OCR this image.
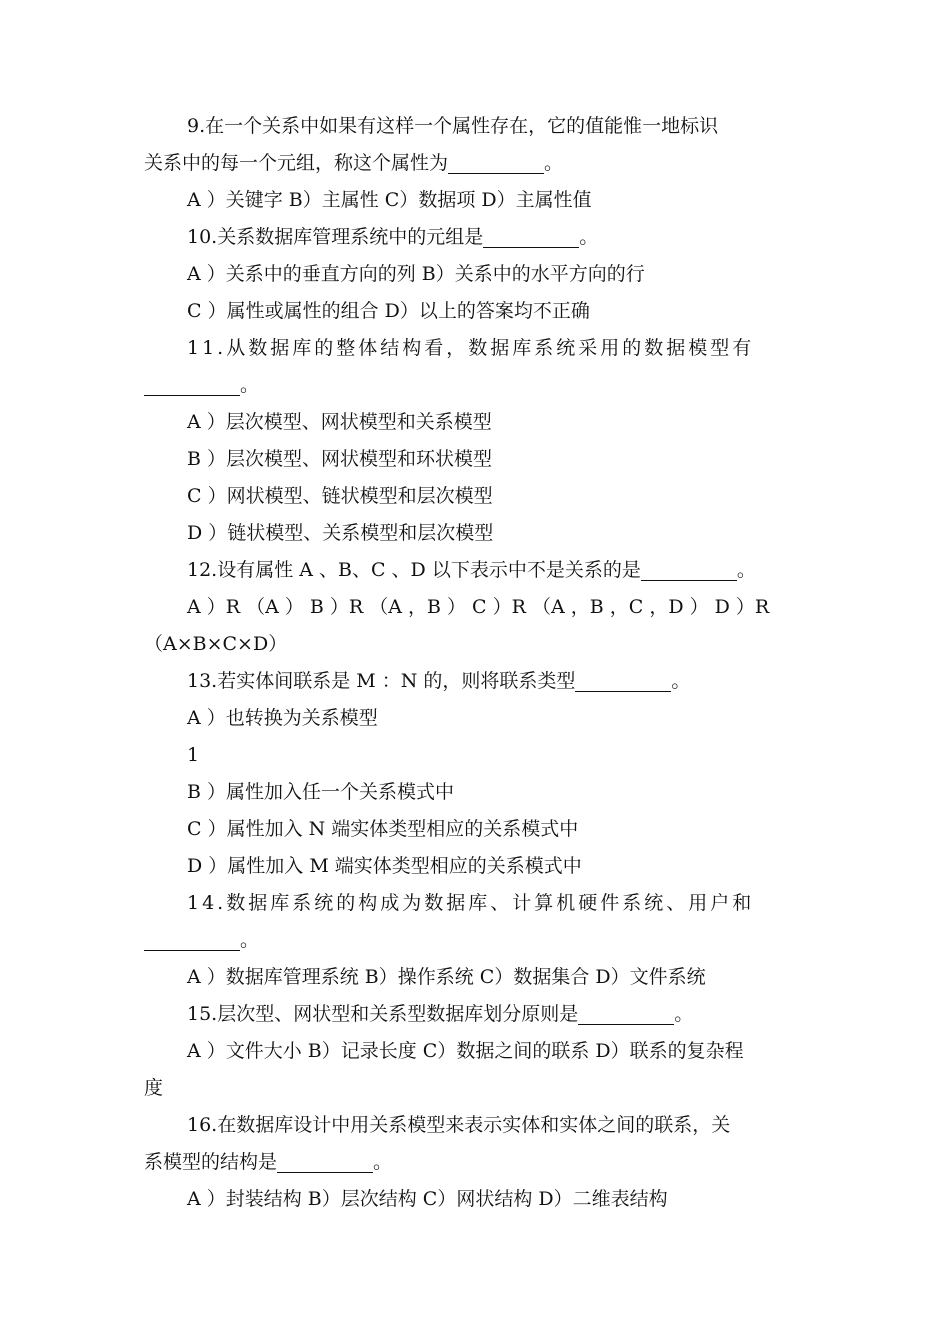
9.在一个关系中如果有这样一个属性存在，它的值能惟一地标识
关系中的每一个元组，称这个属性为	。
A ）关键字 B）主属性 C）数据项 D）主属性值
10.关系数据库管理系统中的元组是	。
A ）关系中的垂直方向的列 B）关系中的水平方向的行
C ）属性或属性的组合 D）以上的答案均不正确
11.从数据库的整体结构看，数据库系统采用的数据模型有
。
A ）层次模型、网状模型和关系模型
B ）层次模型、网状模型和环状模型
C ）网状模型、链状模型和层次模型
D ）链状模型、关系模型和层次模型
12.设有属性 A 、B、C 、D 以下表示中不是关系的是	。
A ）R （A ） B ）R （A ，B ） C ）R （A ，B ，C ，D ） D ）R
（A×B×C×D）
13.若实体间联系是 M ：N 的，则将联系类型	。
A ）也转换为关系模型
1
B ）属性加入任一个关系模式中
C ）属性加入 N 端实体类型相应的关系模式中
D ）属性加入 M 端实体类型相应的关系模式中
14.数据库系统的构成为数据库、计算机硬件系统、用户和
。
A ）数据库管理系统 B）操作系统 C）数据集合 D）文件系统
15.层次型、网状型和关系型数据库划分原则是	。
A ）文件大小 B）记录长度 C）数据之间的联系 D）联系的复杂程
度
16.在数据库设计中用关系模型来表示实体和实体之间的联系，关
系模型的结构是	。
A ）封装结构 B）层次结构 C）网状结构 D）二维表结构
